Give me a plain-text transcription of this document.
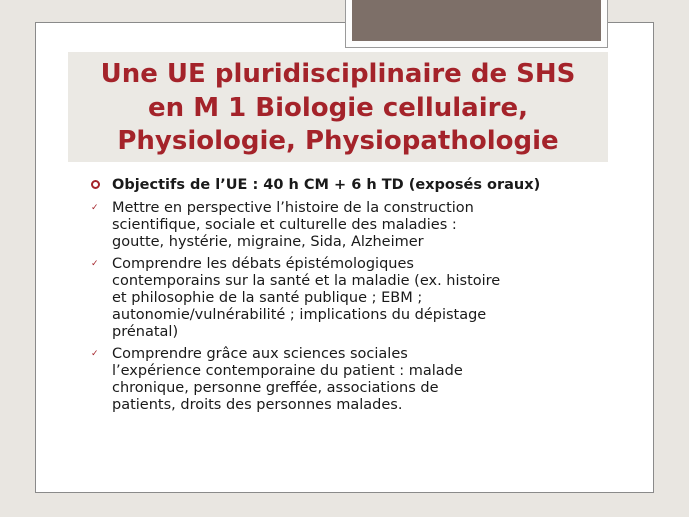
Une UE pluridisciplinaire de SHS
en M 1 Biologie cellulaire,
Physiologie, Physiopathologie
Objectifs de l’UE : 40 h CM + 6 h TD (exposés oraux)
✓ Mettre en perspective l’histoire de la construction
scientifique, sociale et culturelle des maladies :
goutte, hystérie, migraine, Sida, Alzheimer
✓ Comprendre les débats épistémologiques
contemporains sur la santé et la maladie (ex. histoire
et philosophie de la santé publique ; EBM ;
autonomie/vulnérabilité ; implications du dépistage
prénatal)
✓ Comprendre grâce aux sciences sociales
l’expérience contemporaine du patient : malade
chronique, personne greffée, associations de
patients, droits des personnes malades.
